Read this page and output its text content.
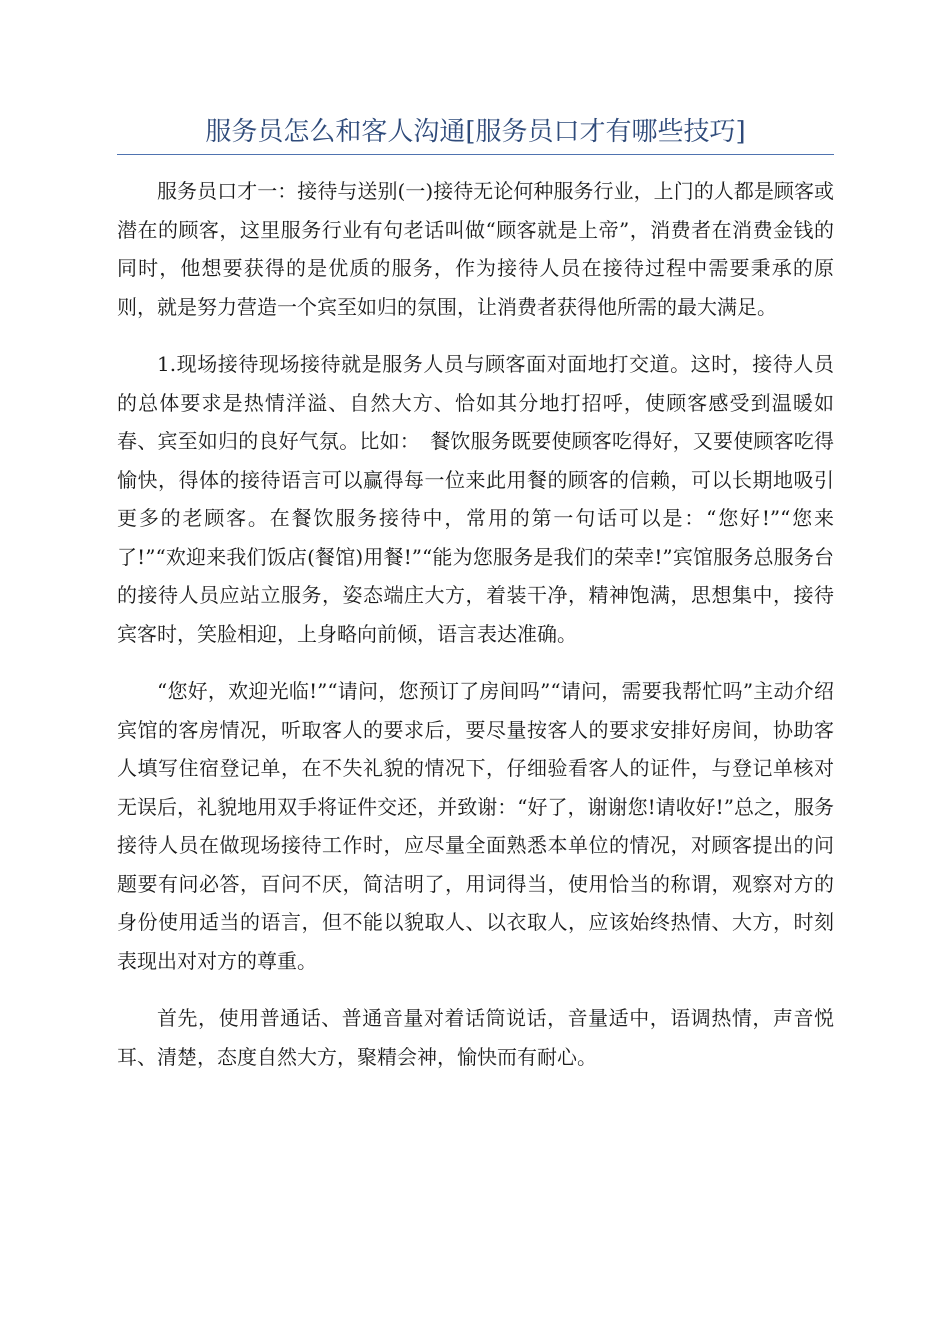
服务员怎么和客人沟通[服务员口才有哪些技巧]

服务员口才一：接待与送别(一)接待无论何种服务行业，上门的人都是顾客或潜在的顾客，这里服务行业有句老话叫做“顾客就是上帝”，消费者在消费金钱的同时，他想要获得的是优质的服务，作为接待人员在接待过程中需要秉承的原则，就是努力营造一个宾至如归的氛围，让消费者获得他所需的最大满足。

1.现场接待现场接待就是服务人员与顾客面对面地打交道。这时，接待人员的总体要求是热情洋溢、自然大方、恰如其分地打招呼，使顾客感受到温暖如春、宾至如归的良好气氛。比如：　餐饮服务既要使顾客吃得好，又要使顾客吃得愉快，得体的接待语言可以赢得每一位来此用餐的顾客的信赖，可以长期地吸引更多的老顾客。在餐饮服务接待中，常用的第一句话可以是：“您好!”“您来了!”“欢迎来我们饭店(餐馆)用餐!”“能为您服务是我们的荣幸!”宾馆服务总服务台的接待人员应站立服务，姿态端庄大方，着装干净，精神饱满，思想集中，接待宾客时，笑脸相迎，上身略向前倾，语言表达准确。

“您好，欢迎光临!”“请问，您预订了房间吗”“请问，需要我帮忙吗”主动介绍宾馆的客房情况，听取客人的要求后，要尽量按客人的要求安排好房间，协助客人填写住宿登记单，在不失礼貌的情况下，仔细验看客人的证件，与登记单核对无误后，礼貌地用双手将证件交还，并致谢：“好了，谢谢您!请收好!”总之，服务接待人员在做现场接待工作时，应尽量全面熟悉本单位的情况，对顾客提出的问题要有问必答，百问不厌，简洁明了，用词得当，使用恰当的称谓，观察对方的身份使用适当的语言，但不能以貌取人、以衣取人，应该始终热情、大方，时刻表现出对对方的尊重。

首先，使用普通话、普通音量对着话筒说话，音量适中，语调热情，声音悦耳、清楚，态度自然大方，聚精会神，愉快而有耐心。
